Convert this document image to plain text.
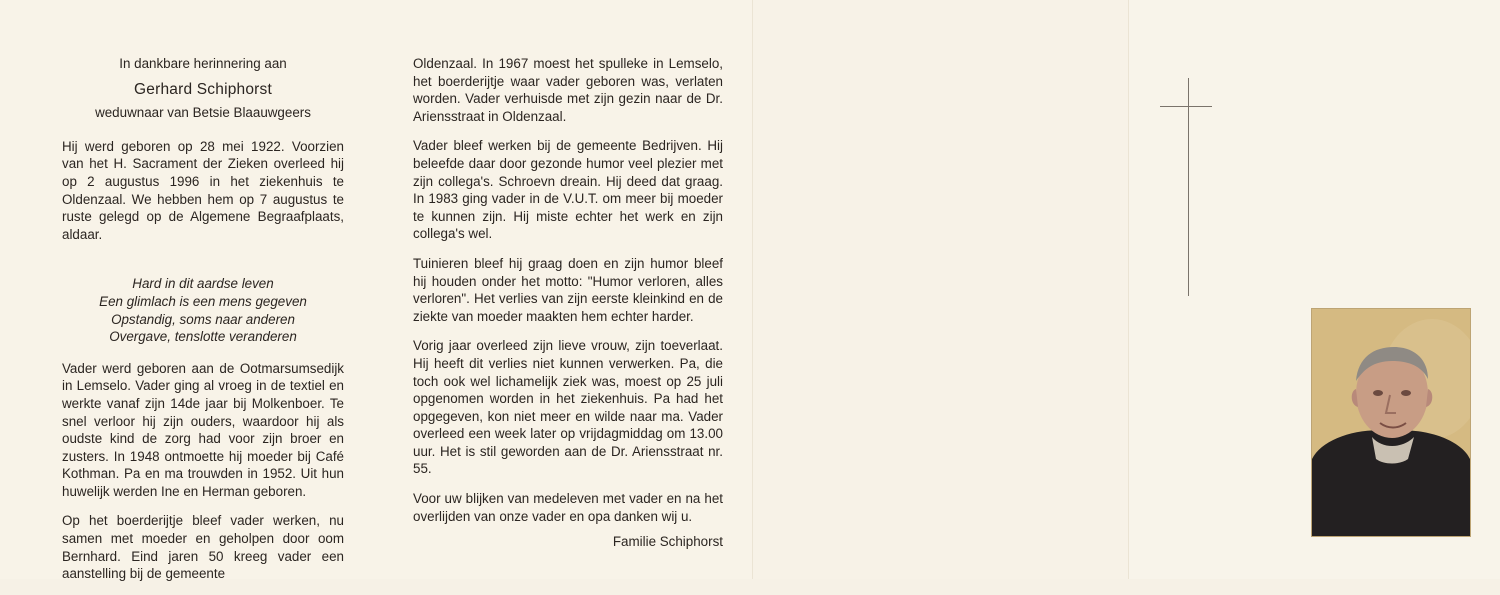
In dankbare herinnering aan

Gerhard Schiphorst

weduwnaar van Betsie Blaauwgeers

Hij werd geboren op 28 mei 1922. Voorzien van het H. Sacrament der Zieken overleed hij op 2 augustus 1996 in het ziekenhuis te Oldenzaal. We hebben hem op 7 augustus te ruste gelegd op de Algemene Begraafplaats, aldaar.

Hard in dit aardse leven
Een glimlach is een mens gegeven
Opstandig, soms naar anderen
Overgave, tenslotte veranderen

Vader werd geboren aan de Ootmarsumsedijk in Lemselo. Vader ging al vroeg in de textiel en werkte vanaf zijn 14de jaar bij Molkenboer. Te snel verloor hij zijn ouders, waardoor hij als oudste kind de zorg had voor zijn broer en zusters. In 1948 ontmoette hij moeder bij Café Kothman. Pa en ma trouwden in 1952. Uit hun huwelijk werden Ine en Herman geboren.

Op het boerderijtje bleef vader werken, nu samen met moeder en geholpen door oom Bernhard. Eind jaren 50 kreeg vader een aanstelling bij de gemeente

Oldenzaal. In 1967 moest het spulleke in Lemselo, het boerderijtje waar vader geboren was, verlaten worden. Vader verhuisde met zijn gezin naar de Dr. Ariensstraat in Oldenzaal.

Vader bleef werken bij de gemeente Bedrijven. Hij beleefde daar door gezonde humor veel plezier met zijn collega's. Schroevn dreain. Hij deed dat graag. In 1983 ging vader in de V.U.T. om meer bij moeder te kunnen zijn. Hij miste echter het werk en zijn collega's wel.

Tuinieren bleef hij graag doen en zijn humor bleef hij houden onder het motto: "Humor verloren, alles verloren". Het verlies van zijn eerste kleinkind en de ziekte van moeder maakten hem echter harder.

Vorig jaar overleed zijn lieve vrouw, zijn toeverlaat. Hij heeft dit verlies niet kunnen verwerken. Pa, die toch ook wel lichamelijk ziek was, moest op 25 juli opgenomen worden in het ziekenhuis. Pa had het opgegeven, kon niet meer en wilde naar ma. Vader overleed een week later op vrijdagmiddag om 13.00 uur. Het is stil geworden aan de Dr. Ariensstraat nr. 55.

Voor uw blijken van medeleven met vader en na het overlijden van onze vader en opa danken wij u.

Familie Schiphorst
